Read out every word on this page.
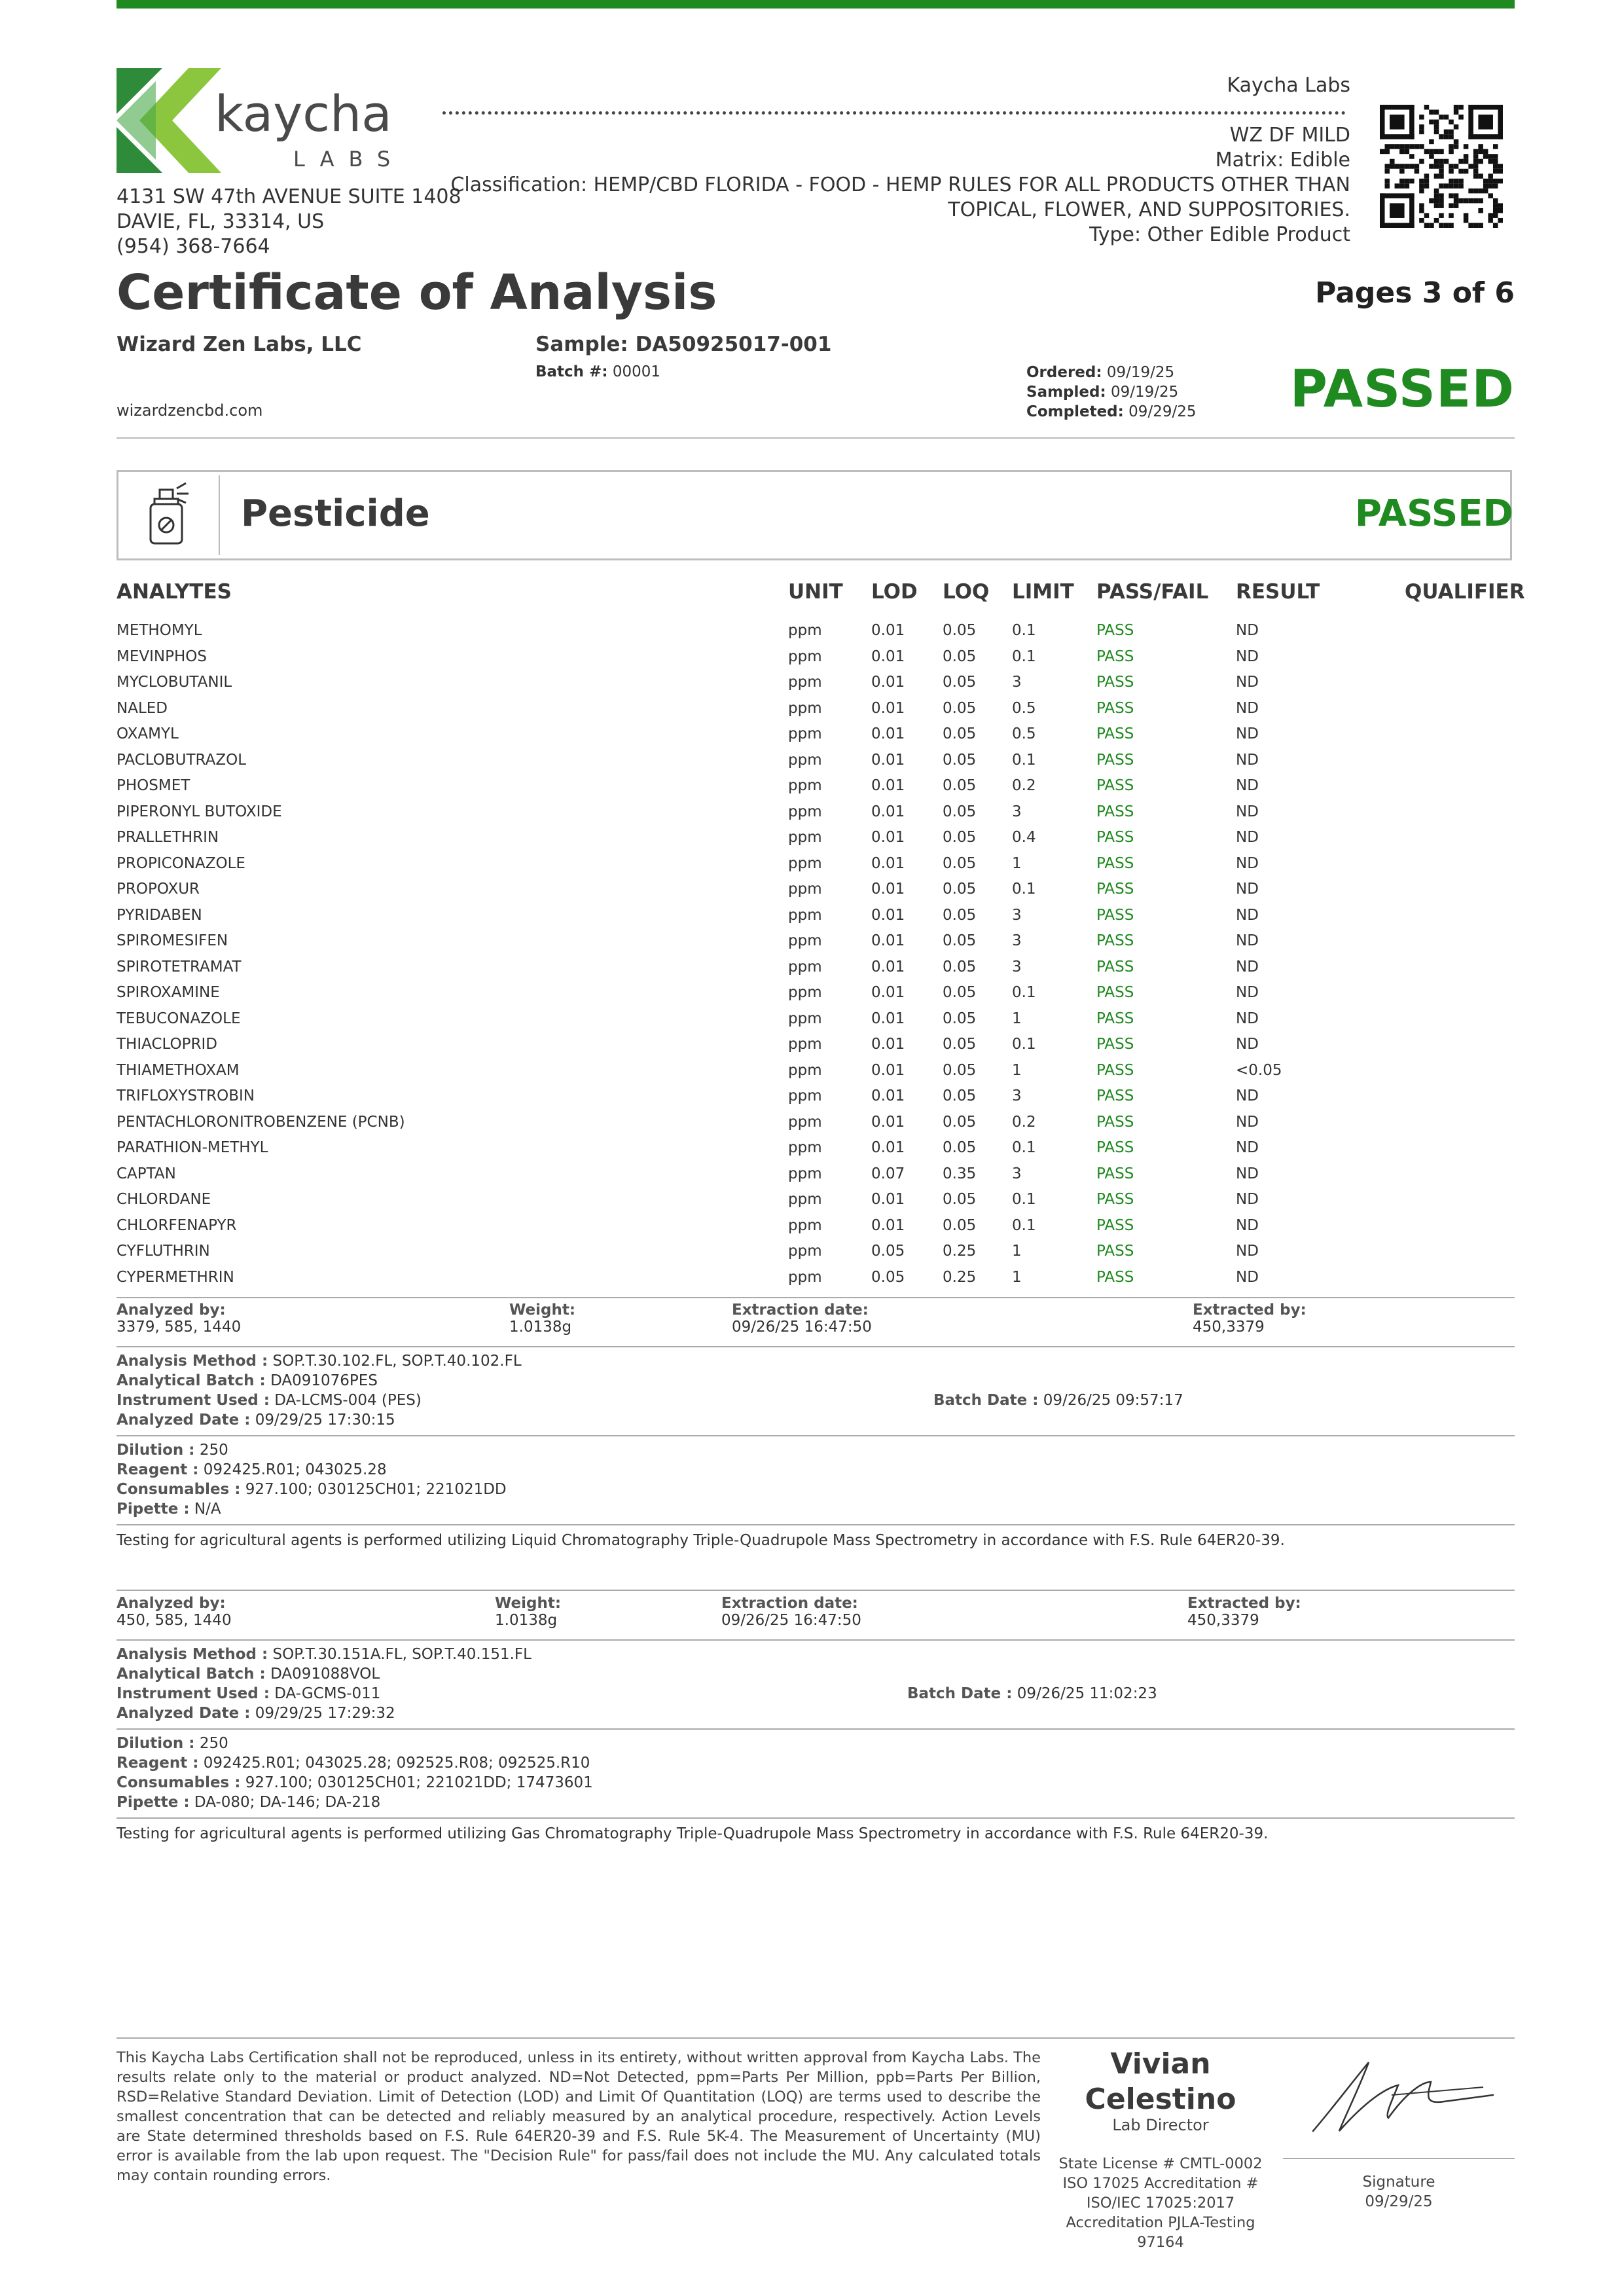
kaycha
LABS
4131 SW 47th AVENUE SUITE 1408
DAVIE, FL, 33314, US
(954) 368-7664
Kaycha Labs
WZ DF MILD
Matrix: Edible
Classification: HEMP/CBD FLORIDA - FOOD - HEMP RULES FOR ALL PRODUCTS OTHER THAN
TOPICAL, FLOWER, AND SUPPOSITORIES.
Type: Other Edible Product
Certificate of Analysis	Pages 3 of 6
Wizard Zen Labs, LLC
wizardzencbd.com
Sample: DA50925017-001
Batch #: 00001	Ordered: 09/19/25
Sampled: 09/19/25
Completed: 09/29/25 PASSED
Pesticide	PASSED
ANALYTES	UNIT LOD LOQ LIMIT PASS/FAIL RESULT	QUALIFIER
METHOMYL	ppm	0.01	0.05 0.1	PASS	ND
MEVINPHOS	ppm	0.01	0.05 0.1	PASS	ND
MYCLOBUTANIL	ppm	0.01	0.05 3	PASS	ND
NALED	ppm	0.01	0.05 0.5	PASS	ND
OXAMYL	ppm	0.01	0.05 0.5	PASS	ND
PACLOBUTRAZOL	ppm	0.01	0.05 0.1	PASS	ND
PHOSMET	ppm	0.01	0.05 0.2	PASS	ND
PIPERONYL BUTOXIDE	ppm	0.01	0.05 3	PASS	ND
PRALLETHRIN	ppm	0.01	0.05 0.4	PASS	ND
PROPICONAZOLE	ppm	0.01	0.05 1	PASS	ND
PROPOXUR	ppm	0.01	0.05 0.1	PASS	ND
PYRIDABEN	ppm	0.01	0.05 3	PASS	ND
SPIROMESIFEN	ppm	0.01	0.05 3	PASS	ND
SPIROTETRAMAT	ppm	0.01	0.05 3	PASS	ND
SPIROXAMINE	ppm	0.01	0.05 0.1	PASS	ND
TEBUCONAZOLE	ppm	0.01	0.05 1	PASS	ND
THIACLOPRID	ppm	0.01	0.05 0.1	PASS	ND
THIAMETHOXAM	ppm	0.01	0.05 1	PASS	<0.05
TRIFLOXYSTROBIN	ppm	0.01	0.05 3	PASS	ND
PENTACHLORONITROBENZENE (PCNB)	ppm	0.01	0.05 0.2	PASS	ND
PARATHION-METHYL	ppm	0.01	0.05 0.1	PASS	ND
CAPTAN	ppm	0.07	0.35 3	PASS	ND
CHLORDANE	ppm	0.01	0.05 0.1	PASS	ND
CHLORFENAPYR	ppm	0.01	0.05 0.1	PASS	ND
CYFLUTHRIN	ppm	0.05	0.25 1	PASS	ND
CYPERMETHRIN	ppm	0.05	0.25 1	PASS	ND
Analyzed by:
3379, 585, 1440
Weight:
1.0138g
Extraction date:
09/26/25 16:47:50
Extracted by:
450,3379
Analysis Method : SOP.T.30.102.FL, SOP.T.40.102.FL
Analytical Batch : DA091076PES
Instrument Used : DA-LCMS-004 (PES)
Analyzed Date : 09/29/25 17:30:15
Batch Date : 09/26/25 09:57:17
Dilution : 250
Reagent : 092425.R01; 043025.28
Consumables : 927.100; 030125CH01; 221021DD
Pipette : N/A
Testing for agricultural agents is performed utilizing Liquid Chromatography Triple-Quadrupole Mass Spectrometry in accordance with F.S. Rule 64ER20-39.
Analyzed by:
450, 585, 1440
Weight:
1.0138g
Extraction date:
09/26/25 16:47:50
Extracted by:
450,3379
Analysis Method : SOP.T.30.151A.FL, SOP.T.40.151.FL
Analytical Batch : DA091088VOL
Instrument Used : DA-GCMS-011
Analyzed Date : 09/29/25 17:29:32
Batch Date : 09/26/25 11:02:23
Dilution : 250
Reagent : 092425.R01; 043025.28; 092525.R08; 092525.R10
Consumables : 927.100; 030125CH01; 221021DD; 17473601
Pipette : DA-080; DA-146; DA-218
Testing for agricultural agents is performed utilizing Gas Chromatography Triple-Quadrupole Mass Spectrometry in accordance with F.S. Rule 64ER20-39.
This Kaycha Labs Certification shall not be reproduced, unless in its entirety, without written approval from Kaycha Labs. The results relate only to the material or product analyzed. ND=Not Detected, ppm=Parts Per Million, ppb=Parts Per Billion, RSD=Relative Standard Deviation. Limit of Detection (LOD) and Limit Of Quantitation (LOQ) are terms used to describe the smallest concentration that can be detected and reliably measured by an analytical procedure, respectively. Action Levels are State determined thresholds based on F.S. Rule 64ER20-39 and F.S. Rule 5K-4. The Measurement of Uncertainty (MU) error is available from the lab upon request. The "Decision Rule" for pass/fail does not include the MU. Any calculated totals may contain rounding errors.
Vivian
Celestino
Lab Director
State License # CMTL-0002 ISO 17025 Accreditation # ISO/IEC 17025:2017 Accreditation PJLA-Testing 97164
Signature
09/29/25
